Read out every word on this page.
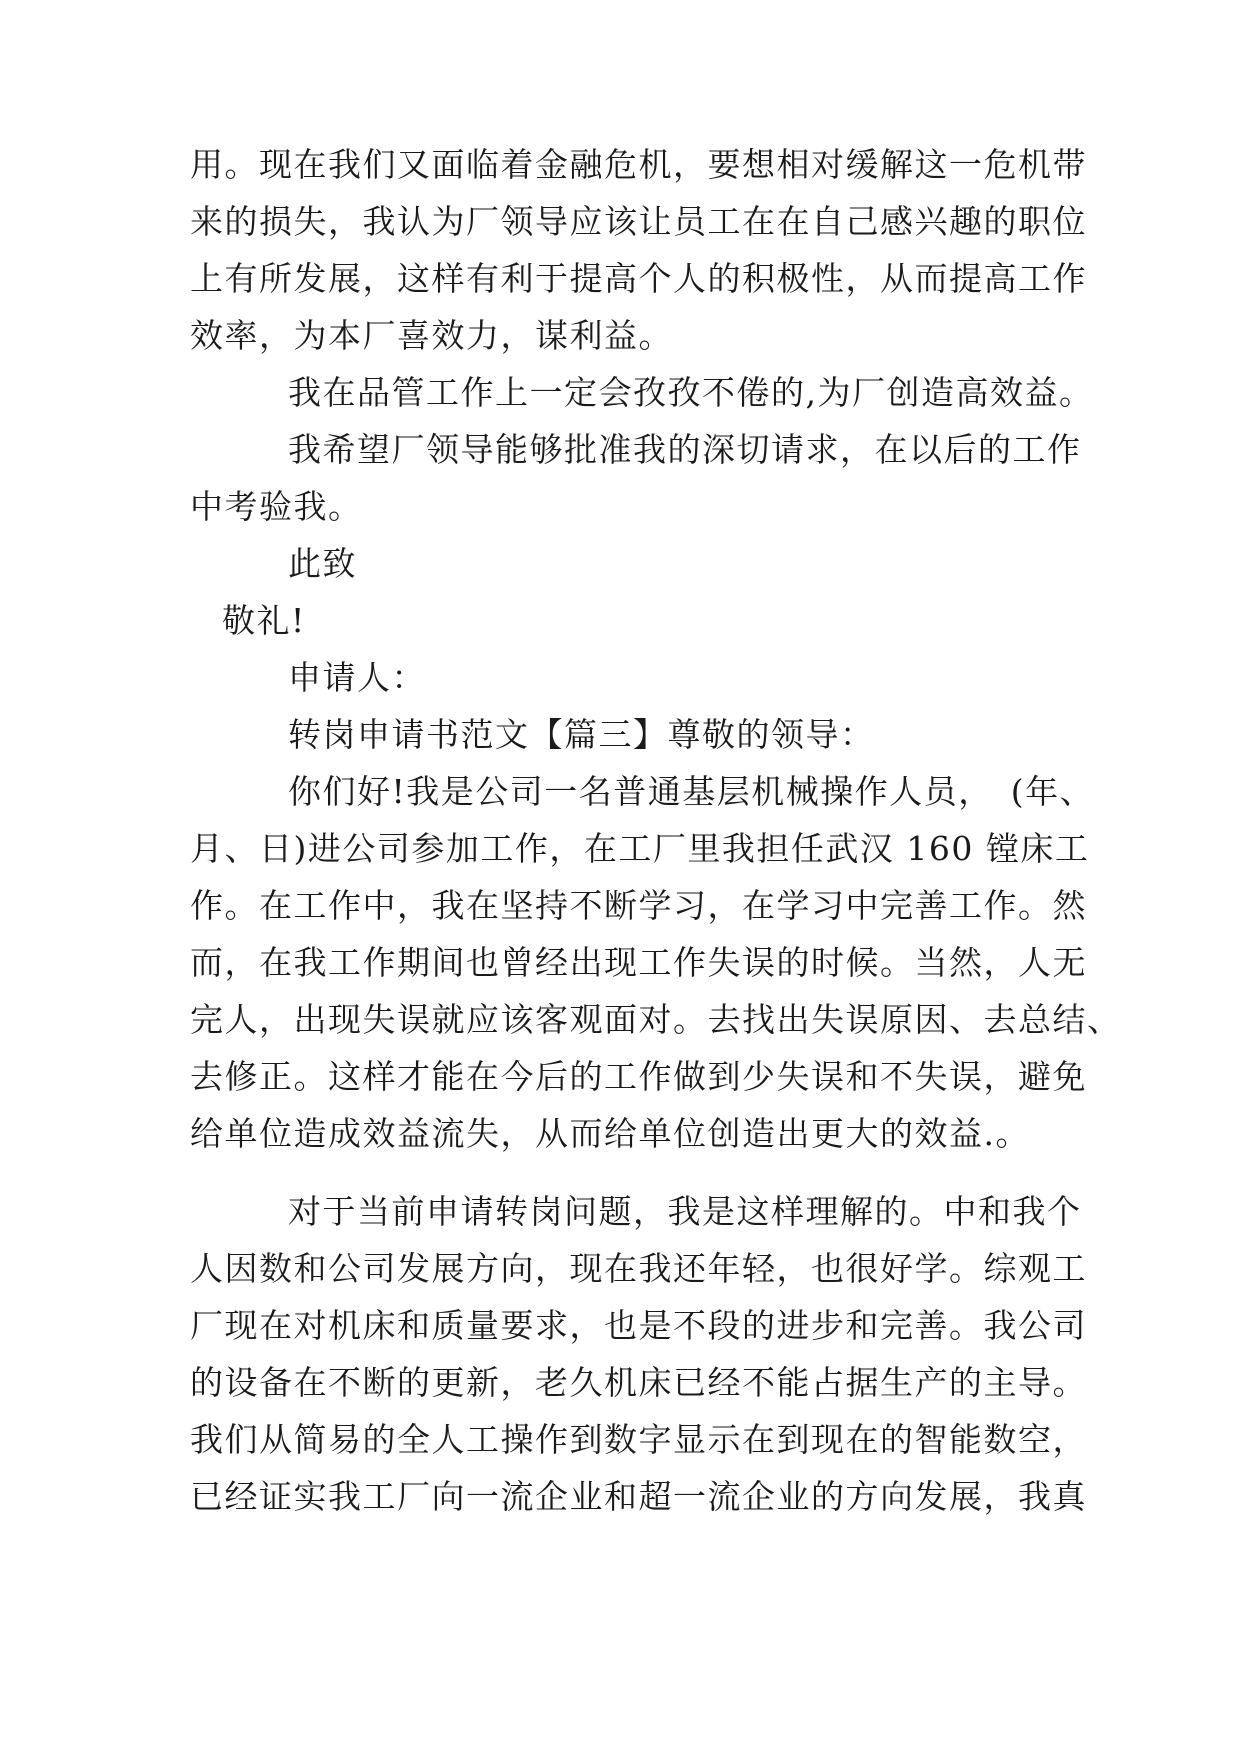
用。现在我们又面临着金融危机，要想相对缓解这一危机带
来的损失，我认为厂领导应该让员工在在自己感兴趣的职位
上有所发展，这样有利于提高个人的积极性，从而提高工作
效率，为本厂喜效力，谋利益。
我在品管工作上一定会孜孜不倦的,为厂创造高效益。
我希望厂领导能够批准我的深切请求，在以后的工作
中考验我。
此致
敬礼!
申请人：
转岗申请书范文【篇三】尊敬的领导：
你们好!我是公司一名普通基层机械操作人员，　(年、
月、日)进公司参加工作，在工厂里我担任武汉 160 镗床工
作。在工作中，我在坚持不断学习，在学习中完善工作。然
而，在我工作期间也曾经出现工作失误的时候。当然，人无
完人，出现失误就应该客观面对。去找出失误原因、去总结、
去修正。这样才能在今后的工作做到少失误和不失误，避免
给单位造成效益流失，从而给单位创造出更大的效益.。
对于当前申请转岗问题，我是这样理解的。中和我个
人因数和公司发展方向，现在我还年轻，也很好学。综观工
厂现在对机床和质量要求，也是不段的进步和完善。我公司
的设备在不断的更新，老久机床已经不能占据生产的主导。
我们从简易的全人工操作到数字显示在到现在的智能数空，
已经证实我工厂向一流企业和超一流企业的方向发展，我真
